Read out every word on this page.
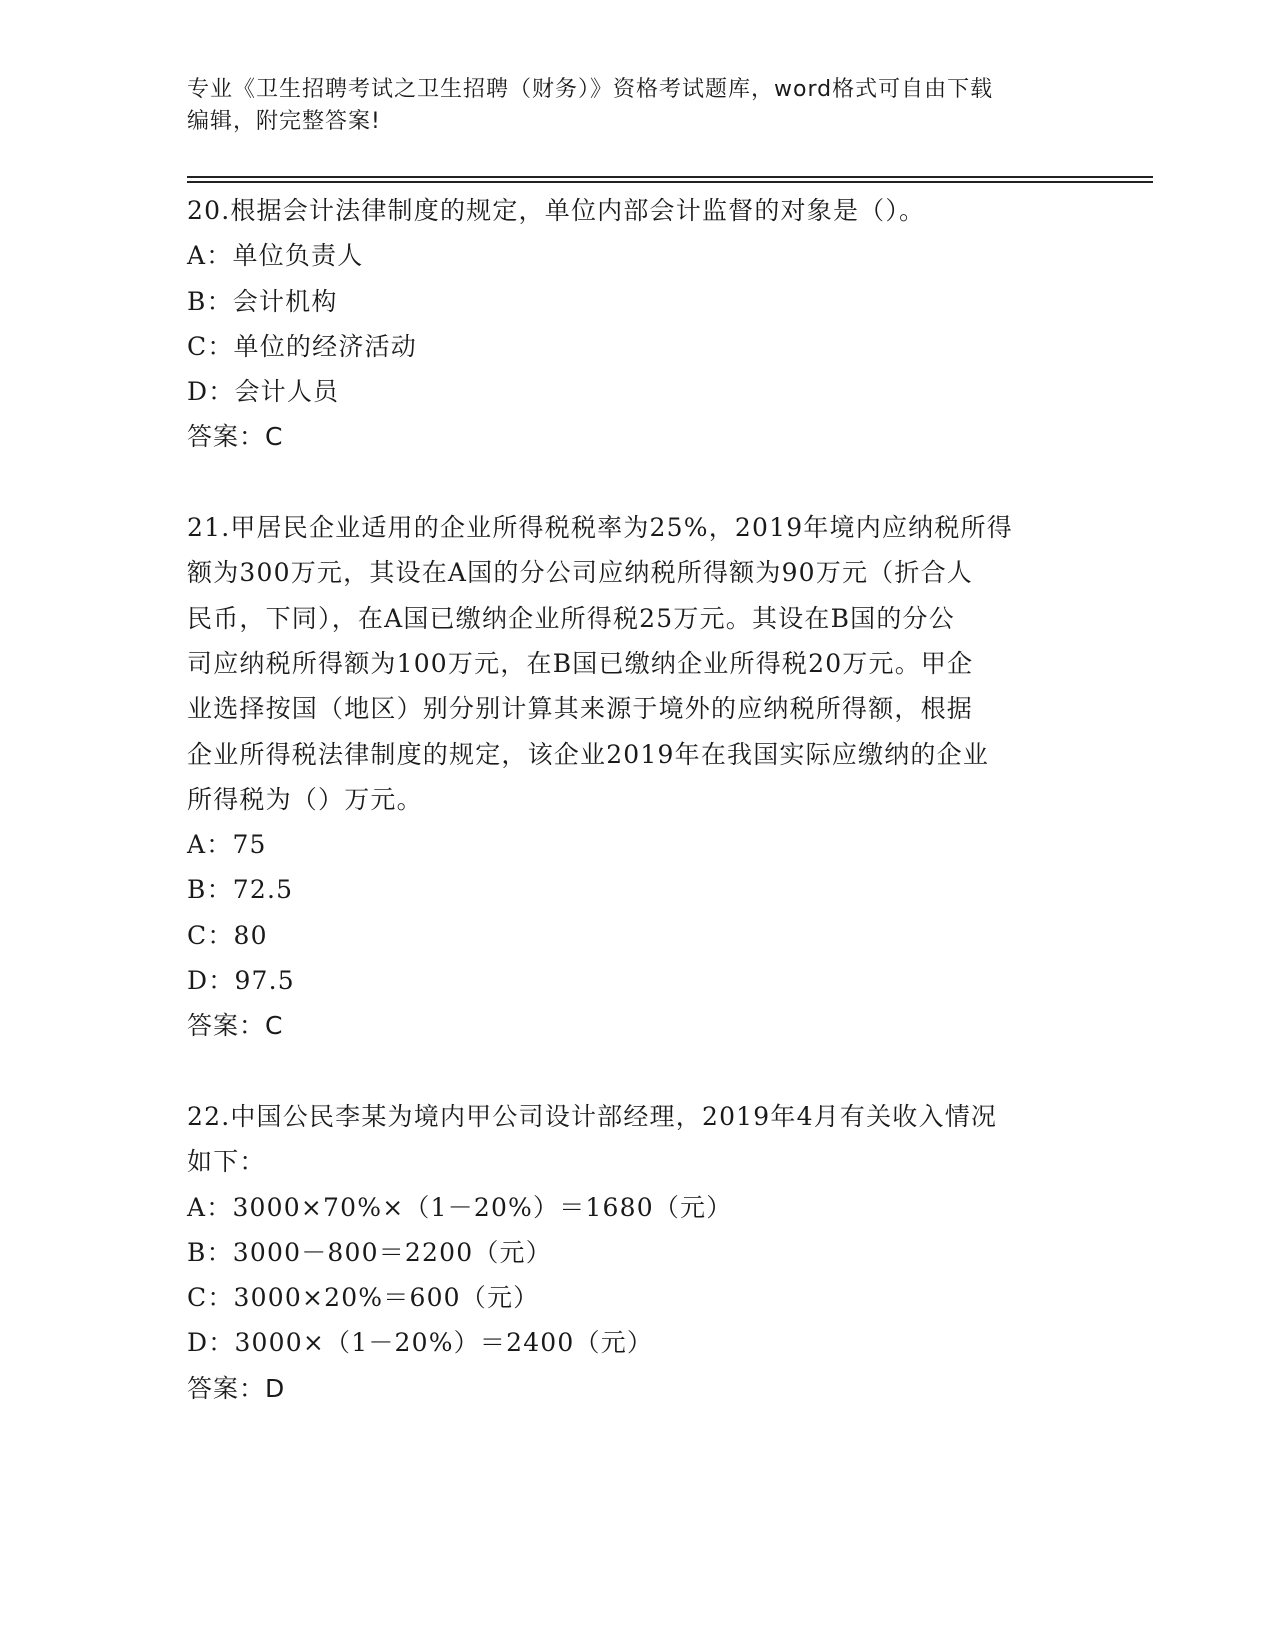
专业《卫生招聘考试之卫生招聘（财务）》资格考试题库，word格式可自由下载
编辑，附完整答案!

20.根据会计法律制度的规定，单位内部会计监督的对象是（）。

A：单位负责人

B：会计机构

C：单位的经济活动

D：会计人员

答案：C

21.甲居民企业适用的企业所得税税率为25%，2019年境内应纳税所得

额为300万元，其设在A国的分公司应纳税所得额为90万元（折合人

民币，下同），在A国已缴纳企业所得税25万元。其设在B国的分公

司应纳税所得额为100万元，在B国已缴纳企业所得税20万元。甲企

业选择按国（地区）别分别计算其来源于境外的应纳税所得额，根据

企业所得税法律制度的规定，该企业2019年在我国实际应缴纳的企业

所得税为（）万元。

A：75

B：72.5

C：80

D：97.5

答案：C

22.中国公民李某为境内甲公司设计部经理，2019年4月有关收入情况

如下：

A：3000×70%×（1－20%）＝1680（元）

B：3000－800＝2200（元）

C：3000×20%＝600（元）

D：3000×（1－20%）＝2400（元）

答案：D
